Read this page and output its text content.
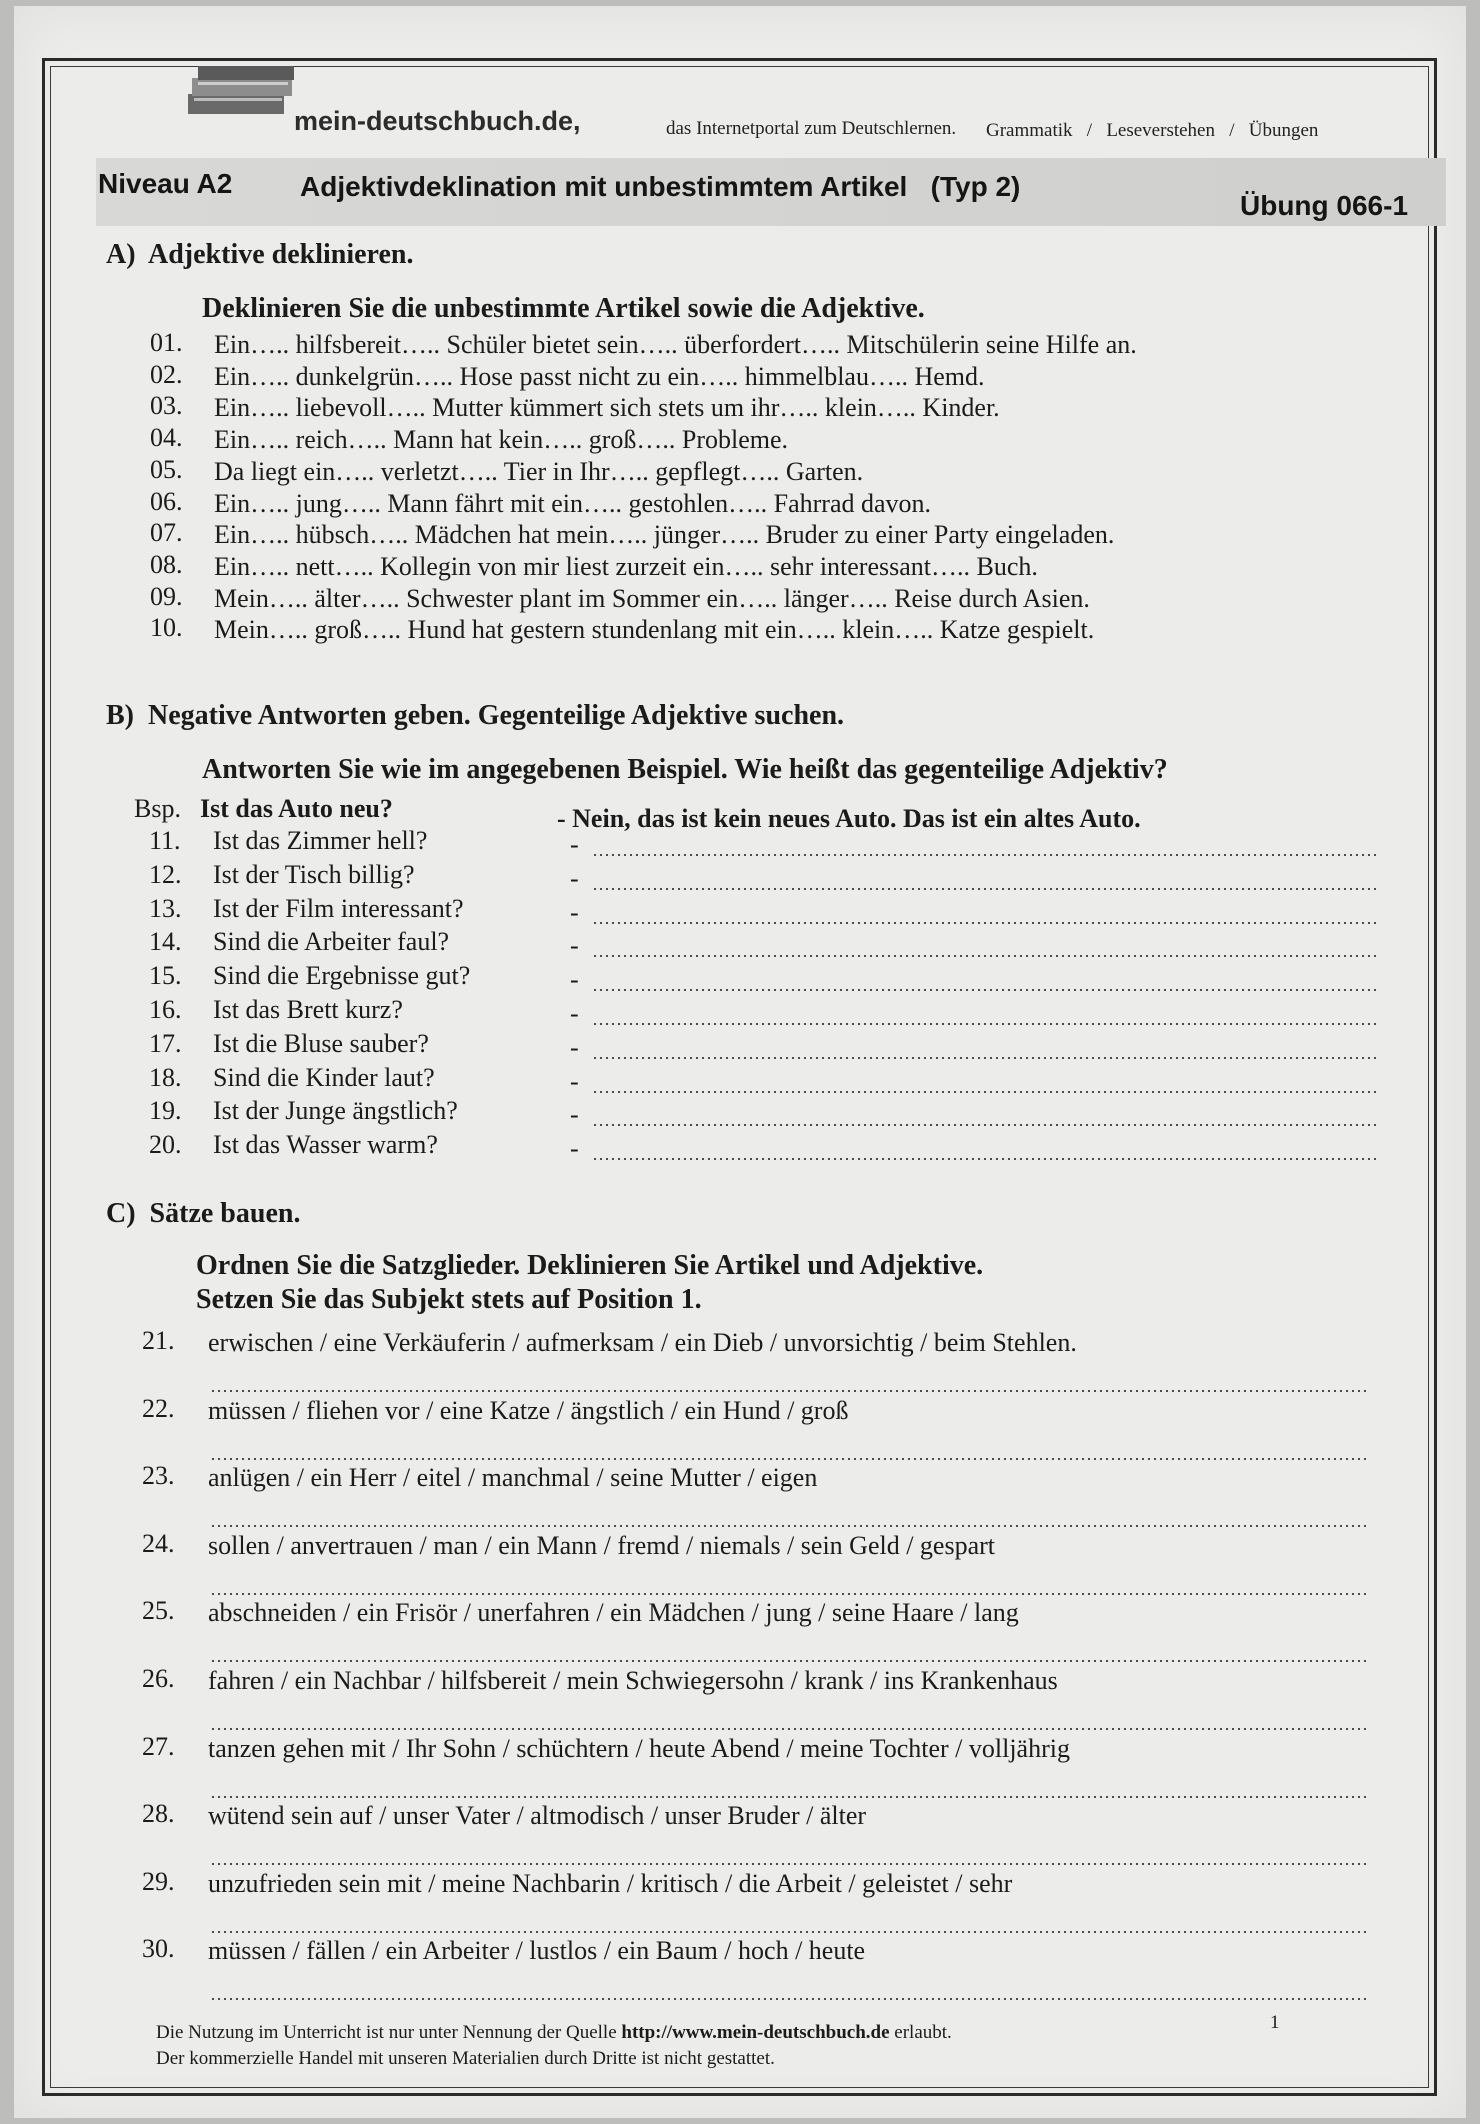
mein-deutschbuch.de,	das Internetportal zum Deutschlernen. Grammatik / Leseverstehen / Übungen
Niveau A2 Adjektivdeklination mit unbestimmtem Artikel   (Typ 2)
Übung 066-1
A)  Adjektive deklinieren.
Deklinieren Sie die unbestimmte Artikel sowie die Adjektive.
01. Ein….. hilfsbereit….. Schüler bietet sein….. überfordert….. Mitschülerin seine Hilfe an.
02. Ein….. dunkelgrün….. Hose passt nicht zu ein….. himmelblau….. Hemd.
03. Ein….. liebevoll….. Mutter kümmert sich stets um ihr….. klein….. Kinder.
04. Ein….. reich….. Mann hat kein….. groß….. Probleme.
05. Da liegt ein….. verletzt….. Tier in Ihr….. gepflegt….. Garten.
06. Ein….. jung….. Mann fährt mit ein….. gestohlen….. Fahrrad davon.
07. Ein….. hübsch….. Mädchen hat mein….. jünger….. Bruder zu einer Party eingeladen.
08. Ein….. nett….. Kollegin von mir liest zurzeit ein….. sehr interessant….. Buch.
09. Mein….. älter….. Schwester plant im Sommer ein….. länger….. Reise durch Asien.
10. Mein….. groß….. Hund hat gestern stundenlang mit ein….. klein….. Katze gespielt.
B)  Negative Antworten geben. Gegenteilige Adjektive suchen.
Antworten Sie wie im angegebenen Beispiel. Wie heißt das gegenteilige Adjektiv?
Bsp. Ist das Auto neu?	- Nein, das ist kein neues Auto. Das ist ein altes Auto.
11. Ist das Zimmer hell?	-
12. Ist der Tisch billig?	-
13. Ist der Film interessant?	-
14. Sind die Arbeiter faul?	-
15. Sind die Ergebnisse gut?	-
16. Ist das Brett kurz?	-
17. Ist die Bluse sauber?	-
18. Sind die Kinder laut?	-
19. Ist der Junge ängstlich?	-
20. Ist das Wasser warm?	-
C)  Sätze bauen.
Ordnen Sie die Satzglieder. Deklinieren Sie Artikel und Adjektive.
Setzen Sie das Subjekt stets auf Position 1.
21. erwischen / eine Verkäuferin / aufmerksam / ein Dieb / unvorsichtig / beim Stehlen.
22. müssen / fliehen vor / eine Katze / ängstlich / ein Hund / groß
23. anlügen / ein Herr / eitel / manchmal / seine Mutter / eigen
24. sollen / anvertrauen / man / ein Mann / fremd / niemals / sein Geld / gespart
25. abschneiden / ein Frisör / unerfahren / ein Mädchen / jung / seine Haare / lang
26. fahren / ein Nachbar / hilfsbereit / mein Schwiegersohn / krank / ins Krankenhaus
27. tanzen gehen mit / Ihr Sohn / schüchtern / heute Abend / meine Tochter / volljährig
28. wütend sein auf / unser Vater / altmodisch / unser Bruder / älter
29. unzufrieden sein mit / meine Nachbarin / kritisch / die Arbeit / geleistet / sehr
30. müssen / fällen / ein Arbeiter / lustlos / ein Baum / hoch / heute
Die Nutzung im Unterricht ist nur unter Nennung der Quelle http://www.mein-deutschbuch.de erlaubt.
Der kommerzielle Handel mit unseren Materialien durch Dritte ist nicht gestattet.
1
